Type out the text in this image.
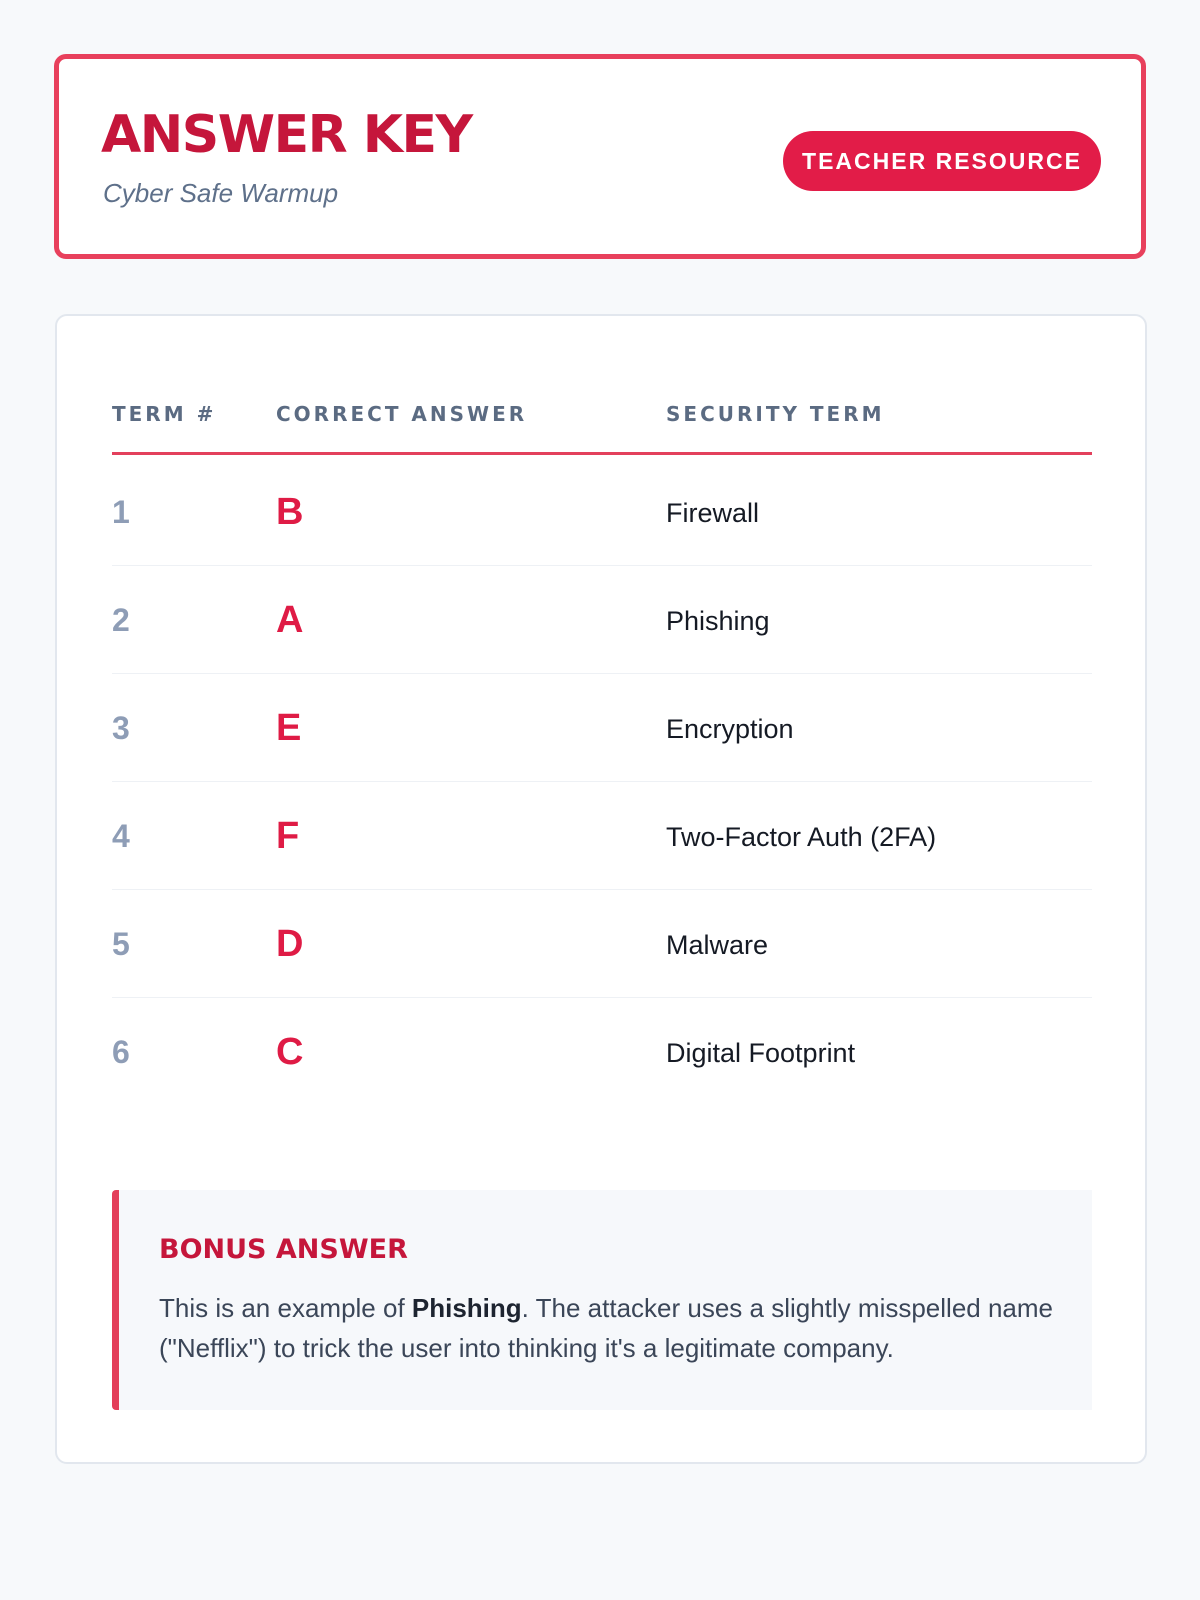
ANSWER KEY
Cyber Safe Warmup
TEACHER RESOURCE
TERM #	CORRECT ANSWER	SECURITY TERM
1	B	Firewall
2	A	Phishing
3	E	Encryption
4	F	Two-Factor Auth (2FA)
5	D	Malware
6	C	Digital Footprint
BONUS ANSWER
This is an example of Phishing. The attacker uses a slightly misspelled name ("Nefflix") to trick the user into thinking it's a legitimate company.
